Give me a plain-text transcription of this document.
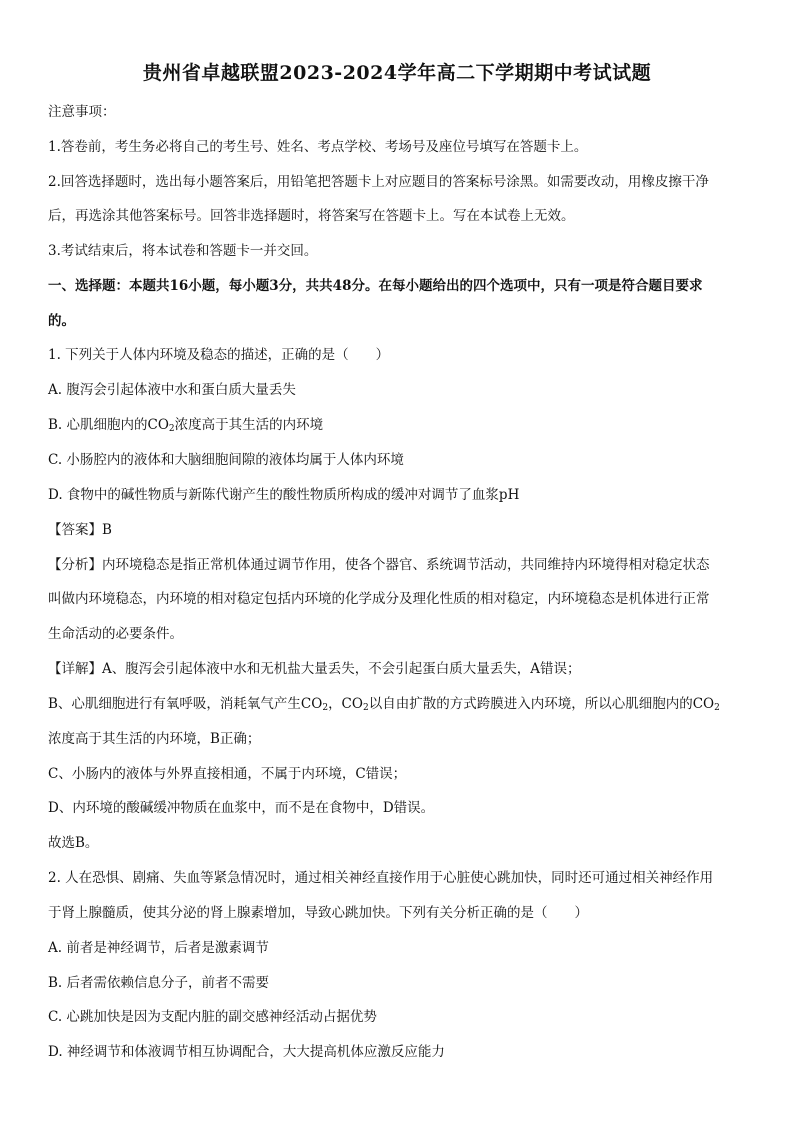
贵州省卓越联盟2023-2024学年高二下学期期中考试试题
注意事项：
1.答卷前，考生务必将自己的考生号、姓名、考点学校、考场号及座位号填写在答题卡上。
2.回答选择题时，选出每小题答案后，用铅笔把答题卡上对应题目的答案标号涂黑。如需要改动，用橡皮擦干净
后，再选涂其他答案标号。回答非选择题时，将答案写在答题卡上。写在本试卷上无效。
3.考试结束后，将本试卷和答题卡一并交回。
一、选择题：本题共16小题，每小题3分，共共48分。在每小题给出的四个选项中，只有一项是符合题目要求
的。
1. 下列关于人体内环境及稳态的描述，正确的是（　　）
A. 腹泻会引起体液中水和蛋白质大量丢失
B. 心肌细胞内的$CO_2$浓度高于其生活的内环境
C. 小肠腔内的液体和大脑细胞间隙的液体均属于人体内环境
D. 食物中的碱性物质与新陈代谢产生的酸性物质所构成的缓冲对调节了血浆pH
【答案】B
【分析】内环境稳态是指正常机体通过调节作用，使各个器官、系统调节活动，共同维持内环境得相对稳定状态
叫做内环境稳态，内环境的相对稳定包括内环境的化学成分及理化性质的相对稳定，内环境稳态是机体进行正常
生命活动的必要条件。
【详解】A、腹泻会引起体液中水和无机盐大量丢失，不会引起蛋白质大量丢失，A错误；
B、心肌细胞进行有氧呼吸，消耗氧气产生$CO_2$，$CO_2$以自由扩散的方式跨膜进入内环境，所以心肌细胞内的$CO_2$
浓度高于其生活的内环境，B正确；
C、小肠内的液体与外界直接相通，不属于内环境，C错误；
D、内环境的酸碱缓冲物质在血浆中，而不是在食物中，D错误。
故选B。
2. 人在恐惧、剧痛、失血等紧急情况时，通过相关神经直接作用于心脏使心跳加快，同时还可通过相关神经作用
于肾上腺髓质，使其分泌的肾上腺素增加，导致心跳加快。下列有关分析正确的是（　　）
A. 前者是神经调节，后者是激素调节
B. 后者需依赖信息分子，前者不需要
C. 心跳加快是因为支配内脏的副交感神经活动占据优势
D. 神经调节和体液调节相互协调配合，大大提高机体应激反应能力
